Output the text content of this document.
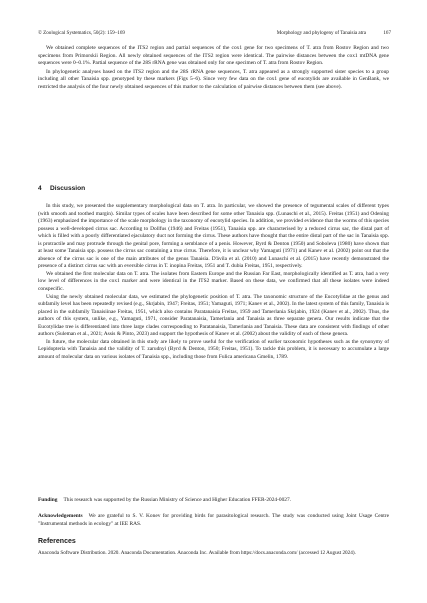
© Zoological Systematics, 50(2): 159–169	Morphology and phylogeny of Tanaisia atra	167

We obtained complete sequences of the ITS2 region and partial sequences of the cox1 gene for two specimens of T. atra from Rostov Region and two specimens from Primorskii Region. All newly obtained sequences of the ITS2 region were identical. The pairwise distances between the cox1 mtDNA gene sequences were 0–0.1%. Partial sequence of the 28S rRNA gene was obtained only for one specimen of T. atra from Rostov Region.

In phylogenetic analyses based on the ITS2 region and the 28S rRNA gene sequences, T. atra appeared as a strongly supported sister species to a group including all other Tanaisia spp. genotyped by these markers (Figs 5–6). Since very few data on the cox1 gene of eucotylids are available in GenBank, we restricted the analysis of the four newly obtained sequences of this marker to the calculation of pairwise distances between them (see above).

4 Discussion

In this study, we presented the supplementary morphological data on T. atra. In particular, we showed the presence of tegumental scales of different types (with smooth and toothed margin). Similar types of scales have been described for some other Tanaisia spp. (Lunaschi et al., 2015). Freitas (1951) and Odening (1963) emphasized the importance of the scale morphology in the taxonomy of eucotylid species. In addition, we provided evidence that the worms of this species possess a well-developed cirrus sac. According to Dollfus (1946) and Freitas (1951), Tanaisia spp. are characterised by a reduced cirrus sac, the distal part of which is filled with a poorly differentiated ejaculatory duct not forming the cirrus. These authors have thought that the entire distal part of the sac in Tanaisia spp. is protractile and may protrude through the genital pore, forming a semblance of a penis. However, Byrd & Denton (1950) and Soboleva (1980) have shown that at least some Tanaisia spp. possess the cirrus sac containing a true cirrus. Therefore, it is unclear why Yamaguti (1971) and Kanev et al. (2002) point out that the absence of the cirrus sac is one of the main attributes of the genus Tanaisia. D'ávila et al. (2010) and Lunaschi et al. (2015) have recently demonstrated the presence of a distinct cirrus sac with an eversible cirrus in T. inopina Freitas, 1951 and T. dubia Freitas, 1951, respectively.

We obtained the first molecular data on T. atra. The isolates from Eastern Europe and the Russian Far East, morphologically identified as T. atra, had a very low level of differences in the cox1 marker and were identical in the ITS2 marker. Based on these data, we confirmed that all these isolates were indeed conspecific.

Using the newly obtained molecular data, we estimated the phylogenetic position of T. atra. The taxonomic structure of the Eucotylidae at the genus and subfamily level has been repeatedly revised (e.g., Skrjabin, 1947; Freitas, 1951; Yamaguti, 1971; Kanev et al., 2002). In the latest system of this family, Tanaisia is placed in the subfamily Tanaisiinae Freitas, 1951, which also contains Paratanaisia Freitas, 1959 and Tamerlania Skrjabin, 1924 (Kanev et al., 2002). Thus, the authors of this system, unlike, e.g., Yamaguti, 1971, consider Paratanaisia, Tamerlania and Tanaisia as three separate genera. Our results indicate that the Eucotylidae tree is differentiated into three large clades corresponding to Paratanaisia, Tamerlania and Tanaisia. These data are consistent with findings of other authors (Suleman et al., 2021; Assis & Pinto, 2023) and support the hypothesis of Kanev et al. (2002) about the validity of each of these genera.

In future, the molecular data obtained in this study are likely to prove useful for the verification of earlier taxonomic hypotheses such as the synonymy of Lepidopteria with Tanaisia and the validity of T. zarudnyi (Byrd & Denton, 1950; Freitas, 1951). To tackle this problem, it is necessary to accumulate a large amount of molecular data on various isolates of Tanaisia spp., including those from Fulica americana Gmelin, 1789.

Funding This research was supported by the Russian Ministry of Science and Higher Education FFER-2024-0027.

Acknowledgements We are grateful to S. V. Konev for providing birds for parasitological research. The study was conducted using Joint Usage Centre "Instrumental methods in ecology" at IEE RAS.

References

Anaconda Software Distribution. 2020. Anaconda Documentation. Anaconda Inc. Available from https://docs.anaconda.com/ (accessed 12 August 2024).
